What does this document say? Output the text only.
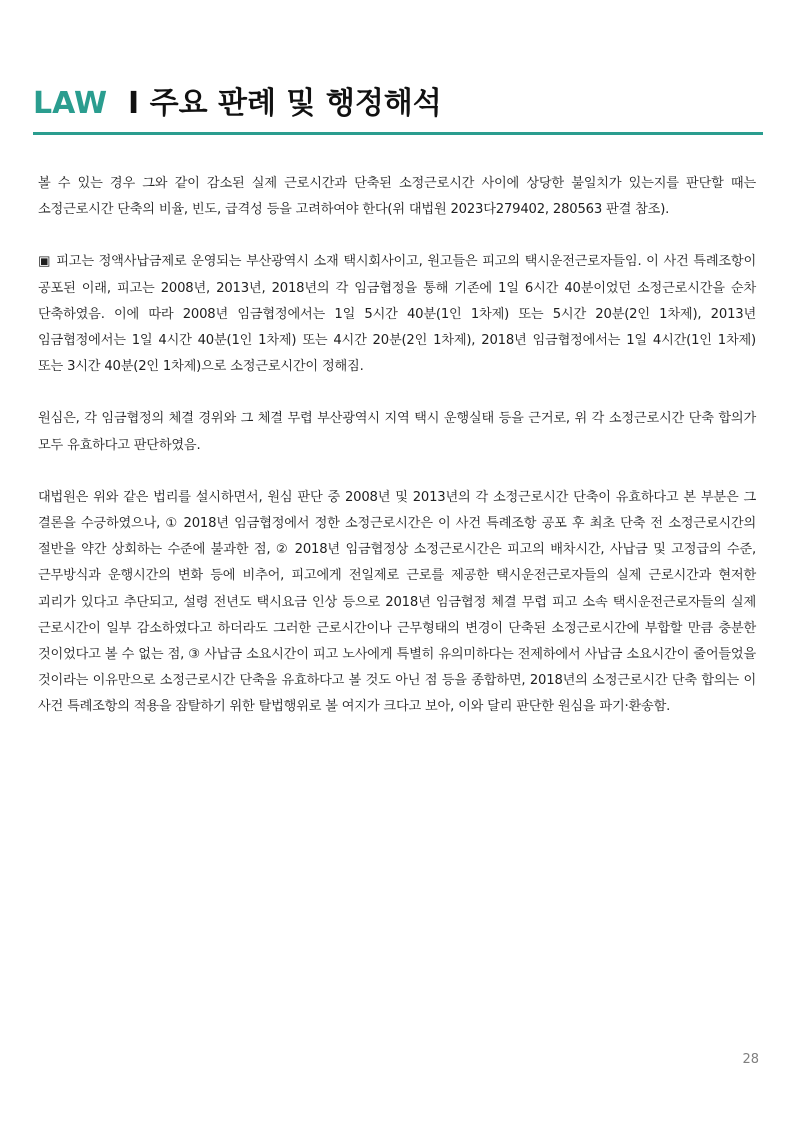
LAW I 주요 판례 및 행정해석

볼 수 있는 경우 그와 같이 감소된 실제 근로시간과 단축된 소정근로시간 사이에 상당한 불일치가 있는지를 판단할 때는 소정근로시간 단축의 비율, 빈도, 급격성 등을 고려하여야 한다(위 대법원 2023다279402, 280563 판결 참조).

▣ 피고는 정액사납금제로 운영되는 부산광역시 소재 택시회사이고, 원고들은 피고의 택시운전근로자들임. 이 사건 특례조항이 공포된 이래, 피고는 2008년, 2013년, 2018년의 각 임금협정을 통해 기존에 1일 6시간 40분이었던 소정근로시간을 순차 단축하였음. 이에 따라 2008년 임금협정에서는 1일 5시간 40분(1인 1차제) 또는 5시간 20분(2인 1차제), 2013년 임금협정에서는 1일 4시간 40분(1인 1차제) 또는 4시간 20분(2인 1차제), 2018년 임금협정에서는 1일 4시간(1인 1차제) 또는 3시간 40분(2인 1차제)으로 소정근로시간이 정해짐.

원심은, 각 임금협정의 체결 경위와 그 체결 무렵 부산광역시 지역 택시 운행실태 등을 근거로, 위 각 소정근로시간 단축 합의가 모두 유효하다고 판단하였음.

대법원은 위와 같은 법리를 설시하면서, 원심 판단 중 2008년 및 2013년의 각 소정근로시간 단축이 유효하다고 본 부분은 그 결론을 수긍하였으나, ① 2018년 임금협정에서 정한 소정근로시간은 이 사건 특례조항 공포 후 최초 단축 전 소정근로시간의 절반을 약간 상회하는 수준에 불과한 점, ② 2018년 임금협정상 소정근로시간은 피고의 배차시간, 사납금 및 고정급의 수준, 근무방식과 운행시간의 변화 등에 비추어, 피고에게 전일제로 근로를 제공한 택시운전근로자들의 실제 근로시간과 현저한 괴리가 있다고 추단되고, 설령 전년도 택시요금 인상 등으로 2018년 임금협정 체결 무렵 피고 소속 택시운전근로자들의 실제 근로시간이 일부 감소하였다고 하더라도 그러한 근로시간이나 근무형태의 변경이 단축된 소정근로시간에 부합할 만큼 충분한 것이었다고 볼 수 없는 점, ③ 사납금 소요시간이 피고 노사에게 특별히 유의미하다는 전제하에서 사납금 소요시간이 줄어들었을 것이라는 이유만으로 소정근로시간 단축을 유효하다고 볼 것도 아닌 점 등을 종합하면, 2018년의 소정근로시간 단축 합의는 이 사건 특례조항의 적용을 잠탈하기 위한 탈법행위로 볼 여지가 크다고 보아, 이와 달리 판단한 원심을 파기·환송함.

28
